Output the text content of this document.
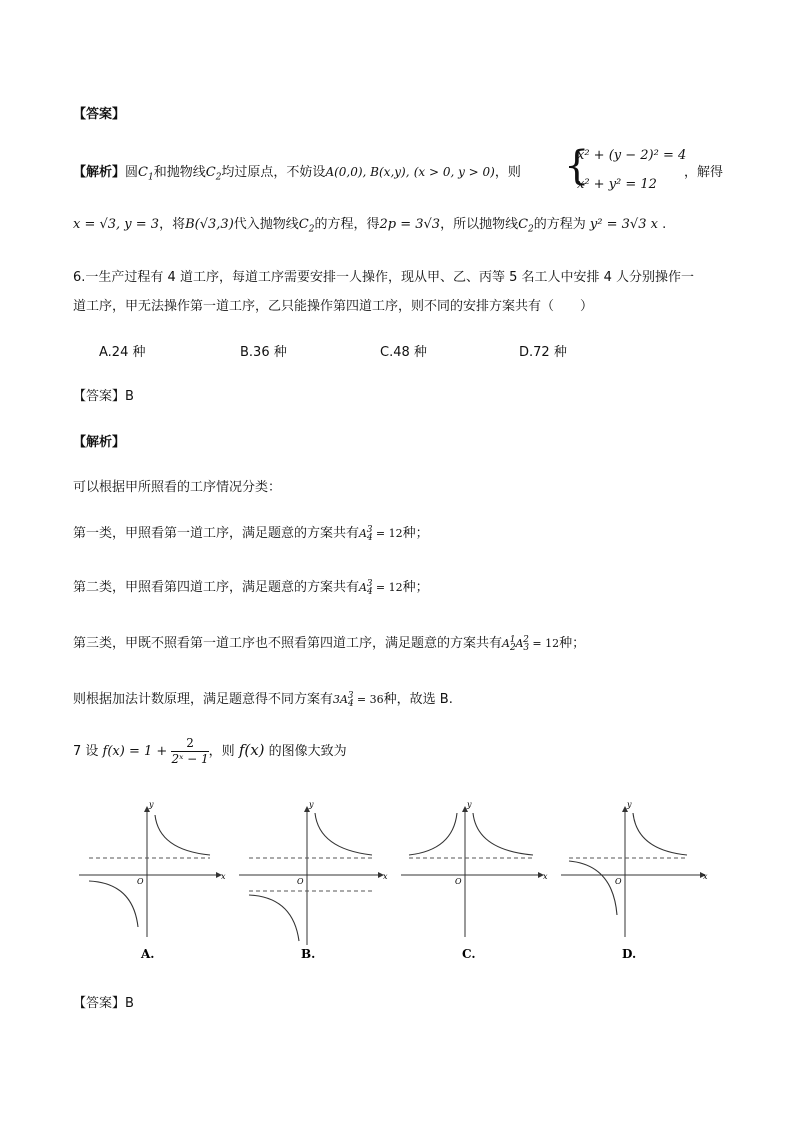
【答案】
【解析】圆$C_1$和抛物线$C_2$均过原点，不妨设A(0,0), B(x,y), (x > 0, y > 0)，则 {
x² + (y − 2)² = 4
x² + y² = 12
，解得
x = √3, y = 3，将B(√3,3)代入抛物线$C_2$的方程，得2p = 3√3，所以抛物线$C_2$的方程为 y² = 3√3 x .
6.一生产过程有 4 道工序，每道工序需要安排一人操作，现从甲、乙、丙等 5 名工人中安排 4 人分别操作一
道工序，甲无法操作第一道工序，乙只能操作第四道工序，则不同的安排方案共有（　　）
A.24 种	B.36 种	C.48 种	D.72 种
【答案】B
【解析】
可以根据甲所照看的工序情况分类：
第一类，甲照看第一道工序，满足题意的方案共有$A_4^3 = 12$种；
第二类，甲照看第四道工序，满足题意的方案共有$A_4^3 = 12$种；
第三类，甲既不照看第一道工序也不照看第四道工序，满足题意的方案共有$A_2^1A_3^2 = 12$种；
则根据加法计数原理，满足题意得不同方案有$3A_4^3 = 36$种，故选 B.
7 设 $f(x) = 1 + \frac{2}{\text{2ˣ − 1}}$ ，则 f(x) 的图像大致为
x
y
O
A.
x
y
O
B.
x
y
O
C.
x
y
O
D.
【答案】B
